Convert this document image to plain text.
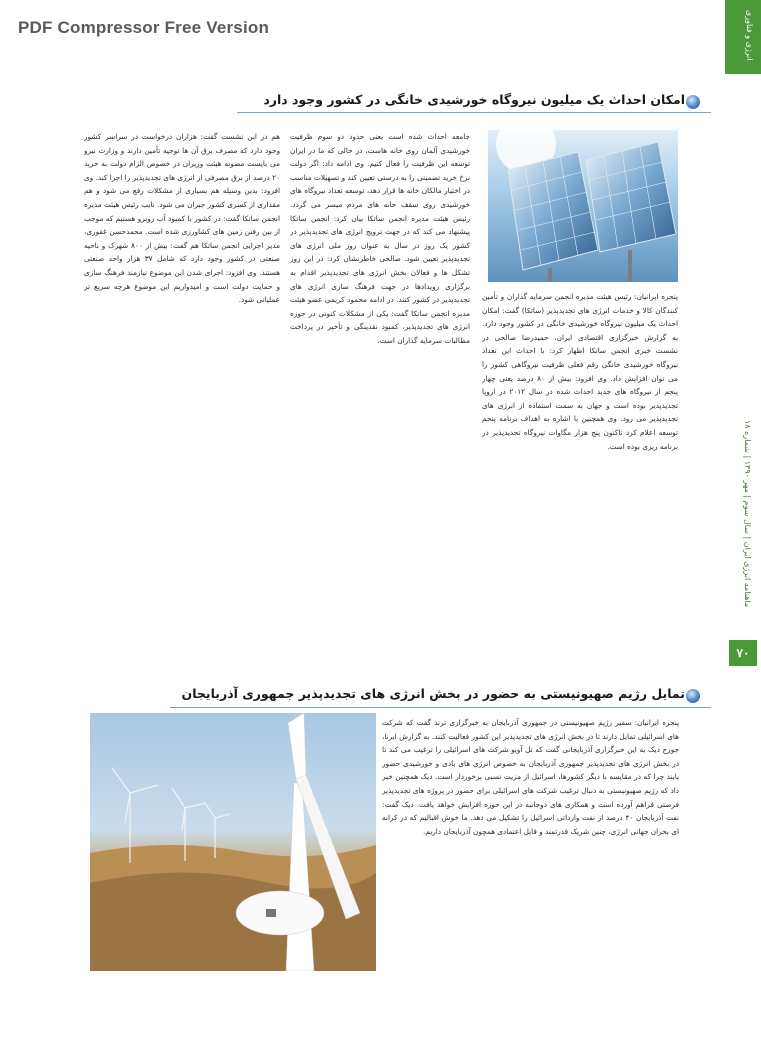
PDF Compressor Free Version	انرژی و فناوری
ماهنامه انرژی ایران | سال سوم | مهر ۱۳۹۰ | شماره ۱۸
۷۰
امکان احداث یک میلیون نیروگاه خورشیدی خانگی در کشور وجود دارد
پنجره ایرانیان: رئیس هیئت مدیره انجمن سرمایه گذاران و تأمین کنندگان کالا و خدمات انرژی های تجدیدپذیر (ساتکا) گفت: امکان احداث یک میلیون نیروگاه خورشیدی خانگی در کشور وجود دارد. به گزارش خبرگزاری اقتصادی ایران، حمیدرضا صالحی در نشست خبری انجمن ساتکا اظهار کرد: با احداث این تعداد نیروگاه خورشیدی خانگی رقم فعلی ظرفیت نیروگاهی کشور را می توان افزایش داد. وی افزود: بیش از ۸۰ درصد یعنی چهار پنجم از نیروگاه های جدید احداث شده در سال ۲۰۱۲ در اروپا تجدیدپذیر بوده است و جهان به سمت استفاده از انرژی های تجدیدپذیر می رود. وی همچنین با اشاره به اهداف برنامه پنجم توسعه اعلام کرد تاکنون پنج هزار مگاوات نیروگاه تجدیدپذیر در برنامه ریزی بوده است.
جامعه احداث شده است یعنی حدود دو سوم ظرفیت خورشیدی آلمان روی خانه هاست، در حالی که ما در ایران توسعه این ظرفیت را فعال کنیم. وی ادامه داد: اگر دولت نرخ خرید تضمینی را به درستی تعیین کند و تسهیلات مناسب در اختیار مالکان خانه ها قرار دهد، توسعه تعداد نیروگاه های خورشیدی روی سقف خانه های مردم میسر می گردد. رئیس هیئت مدیره انجمن ساتکا بیان کرد: انجمن ساتکا پیشنهاد می کند که در جهت ترویج انرژی های تجدیدپذیر در کشور یک روز در سال به عنوان روز ملی انرژی های تجدیدپذیر تعیین شود. صالحی خاطرنشان کرد: در این روز تشکل ها و فعالان بخش انرژی های تجدیدپذیر اقدام به برگزاری رویدادها در جهت فرهنگ سازی انرژی های تجدیدپذیر در کشور کنند. در ادامه محمود کریمی عضو هیئت مدیره انجمن ساتکا گفت: یکی از مشکلات کنونی در حوزه انرژی های تجدیدپذیر، کمبود نقدینگی و تأخیر در پرداخت مطالبات سرمایه گذاران است.
هم در این نشست گفت: هزاران درخواست در سراسر کشور وجود دارد که مصرف برق آن ها توجیه تأمین دارند و وزارت نیرو می بایست مصوبه هیئت وزیران در خصوص الزام دولت به خرید ۲۰ درصد از برق مصرفی از انرژی های تجدیدپذیر را اجرا کند. وی افزود: بدین وسیله هم بسیاری از مشکلات رفع می شود و هم مقداری از کسری کشور جبران می شود. نایب رئیس هیئت مدیره انجمن ساتکا گفت: در کشور با کمبود آب روبرو هستیم که موجب از بین رفتن زمین های کشاورزی شده است. محمدحسن غفوری، مدیر اجرایی انجمن ساتکا هم گفت: بیش از ۸۰۰ شهرک و ناحیه صنعتی در کشور وجود دارد که شامل ۳۷ هزار واحد صنعتی هستند. وی افزود: اجرای شدن این موضوع نیازمند فرهنگ سازی و حمایت دولت است و امیدواریم این موضوع هرچه سریع تر عملیاتی شود.
تمایل رژیم صهیونیستی به حضور در بخش انرژی های تجدیدپذیر جمهوری آذربایجان
پنجره ایرانیان: سفیر رژیم صهیونیستی در جمهوری آذربایجان به خبرگزاری ترند گفت که شرکت های اسرائیلی تمایل دارند تا در بخش انرژی های تجدیدپذیر این کشور فعالیت کنند. به گزارش ایرنا، جورج دیک به این خبرگزاری آذربایجانی گفت که تل آویو شرکت های اسرائیلی را ترغیب می کند تا در بخش انرژی های تجدیدپذیر جمهوری آذربایجان به خصوص انرژی های بادی و خورشیدی حضور یابند چرا که در مقایسه با دیگر کشورها، اسرائیل از مزیت نسبی برخوردار است. دیک همچنین خبر داد که رژیم صهیونیستی به دنبال ترغیب شرکت های اسرائیلی برای حضور در پروژه های تجدیدپذیر فرصتی فراهم آورده است و همکاری های دوجانبه در این حوزه افزایش خواهد یافت. دیک گفت: نفت آذربایجان ۴۰ درصد از نفت وارداتی اسرائیل را تشکیل می دهد. ما خوش اقبالیم که در کرانه ای بحران جهانی انرژی، چنین شریک قدرتمند و قابل اعتمادی همچون آذربایجان داریم.
